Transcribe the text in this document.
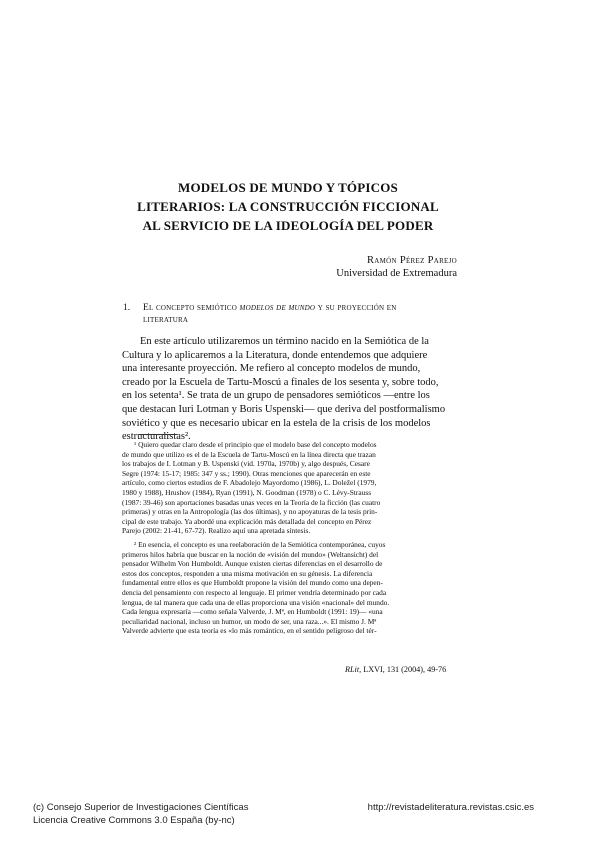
MODELOS DE MUNDO Y TÓPICOS
LITERARIOS: LA CONSTRUCCIÓN FICCIONAL
AL SERVICIO DE LA IDEOLOGÍA DEL PODER
Ramón Pérez Parejo
Universidad de Extremadura
1. El concepto semiótico modelos de mundo y su proyección en
literatura
En este artículo utilizaremos un término nacido en la Semiótica de la
Cultura y lo aplicaremos a la Literatura, donde entendemos que adquiere
una interesante proyección. Me refiero al concepto modelos de mundo,
creado por la Escuela de Tartu-Moscú a finales de los sesenta y, sobre todo,
en los setenta¹. Se trata de un grupo de pensadores semióticos —entre los
que destacan Iuri Lotman y Boris Uspenski— que deriva del postformalismo
soviético y que es necesario ubicar en la estela de la crisis de los modelos
estructuralistas².
¹ Quiero quedar claro desde el principio que el modelo base del concepto modelos
de mundo que utilizo es el de la Escuela de Tartu-Moscú en la línea directa que trazan
los trabajos de I. Lotman y B. Uspenski (vid. 1970a, 1970b) y, algo después, Cesare
Segre (1974: 15-17; 1985: 347 y ss.; 1990). Otras menciones que aparecerán en este
artículo, como ciertos estudios de F. Abadolejo Mayordomo (1986), L. Doležel (1979,
1980 y 1988), Hrushov (1984), Ryan (1991), N. Goodman (1978) o C. Lévy-Strauss
(1987: 39-46) son aportaciones basadas unas veces en la Teoría de la ficción (las cuatro
primeras) y otras en la Antropología (las dos últimas), y no apoyaturas de la tesis prin-
cipal de este trabajo. Ya abordé una explicación más detallada del concepto en Pérez
Parejo (2002: 21-41, 67-72). Realizo aquí una apretada síntesis.
² En esencia, el concepto es una reelaboración de la Semiótica contemporánea, cuyos
primeros hilos habría que buscar en la noción de «visión del mundo» (Weltansicht) del
pensador Wilhelm Von Humboldt. Aunque existen ciertas diferencias en el desarrollo de
estos dos conceptos, responden a una misma motivación en su génesis. La diferencia
fundamental entre ellos es que Humboldt propone la visión del mundo como una depen-
dencia del pensamiento con respecto al lenguaje. El primer vendría determinado por cada
lengua, de tal manera que cada una de ellas proporciona una visión «nacional» del mundo.
Cada lengua expresaría —como señala Valverde, J. Mª, en Humboldt (1991: 19)— «una
peculiaridad nacional, incluso un humor, un modo de ser, una raza...». El mismo J. Mª
Valverde advierte que esta teoría es «lo más romántico, en el sentido peligroso del tér-
RLit, LXVI, 131 (2004), 49-76
(c) Consejo Superior de Investigaciones Científicas
Licencia Creative Commons 3.0 España (by-nc)
http://revistadeliteratura.revistas.csic.es
